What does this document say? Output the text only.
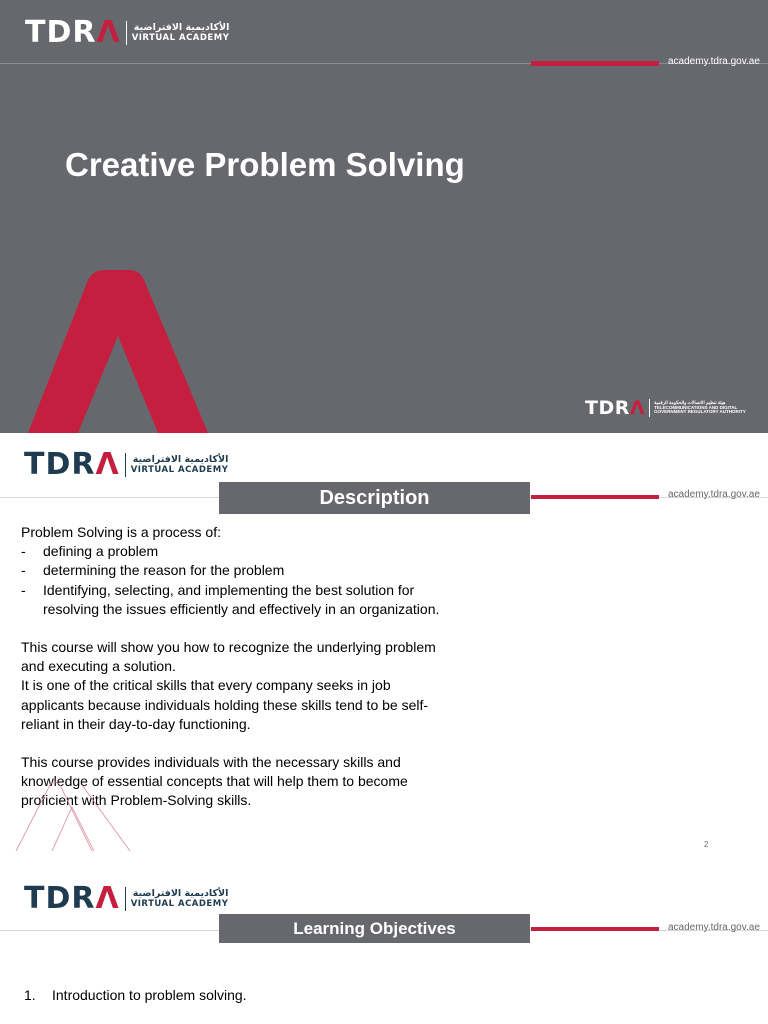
TDRΛ الأكاديمية الافتراضية
VIRTUAL ACADEMY
academy.tdra.gov.ae
Creative Problem Solving
TDRΛ هيئة تنظيم الاتصالات والحكومة الرقمية
TELECOMMUNICATIONS AND DIGITAL
GOVERNMENT REGULATORY AUTHORITY
TDRΛ الأكاديمية الافتراضية
VIRTUAL ACADEMY
Description	academy.tdra.gov.ae

Problem Solving is a process of:

-	defining a problem
-	determining the reason for the problem
-	Identifying, selecting, and implementing the best solution for resolving the issues efficiently and effectively in an organization.

This course will show you how to recognize the underlying problem and executing a solution.

It is one of the critical skills that every company seeks in job applicants because individuals holding these skills tend to be self-reliant in their day-to-day functioning.

This course provides individuals with the necessary skills and knowledge of essential concepts that will help them to become proficient with Problem-Solving skills.

2
TDRΛ الأكاديمية الافتراضية
VIRTUAL ACADEMY
Learning Objectives	academy.tdra.gov.ae
1.	Introduction to problem solving.
